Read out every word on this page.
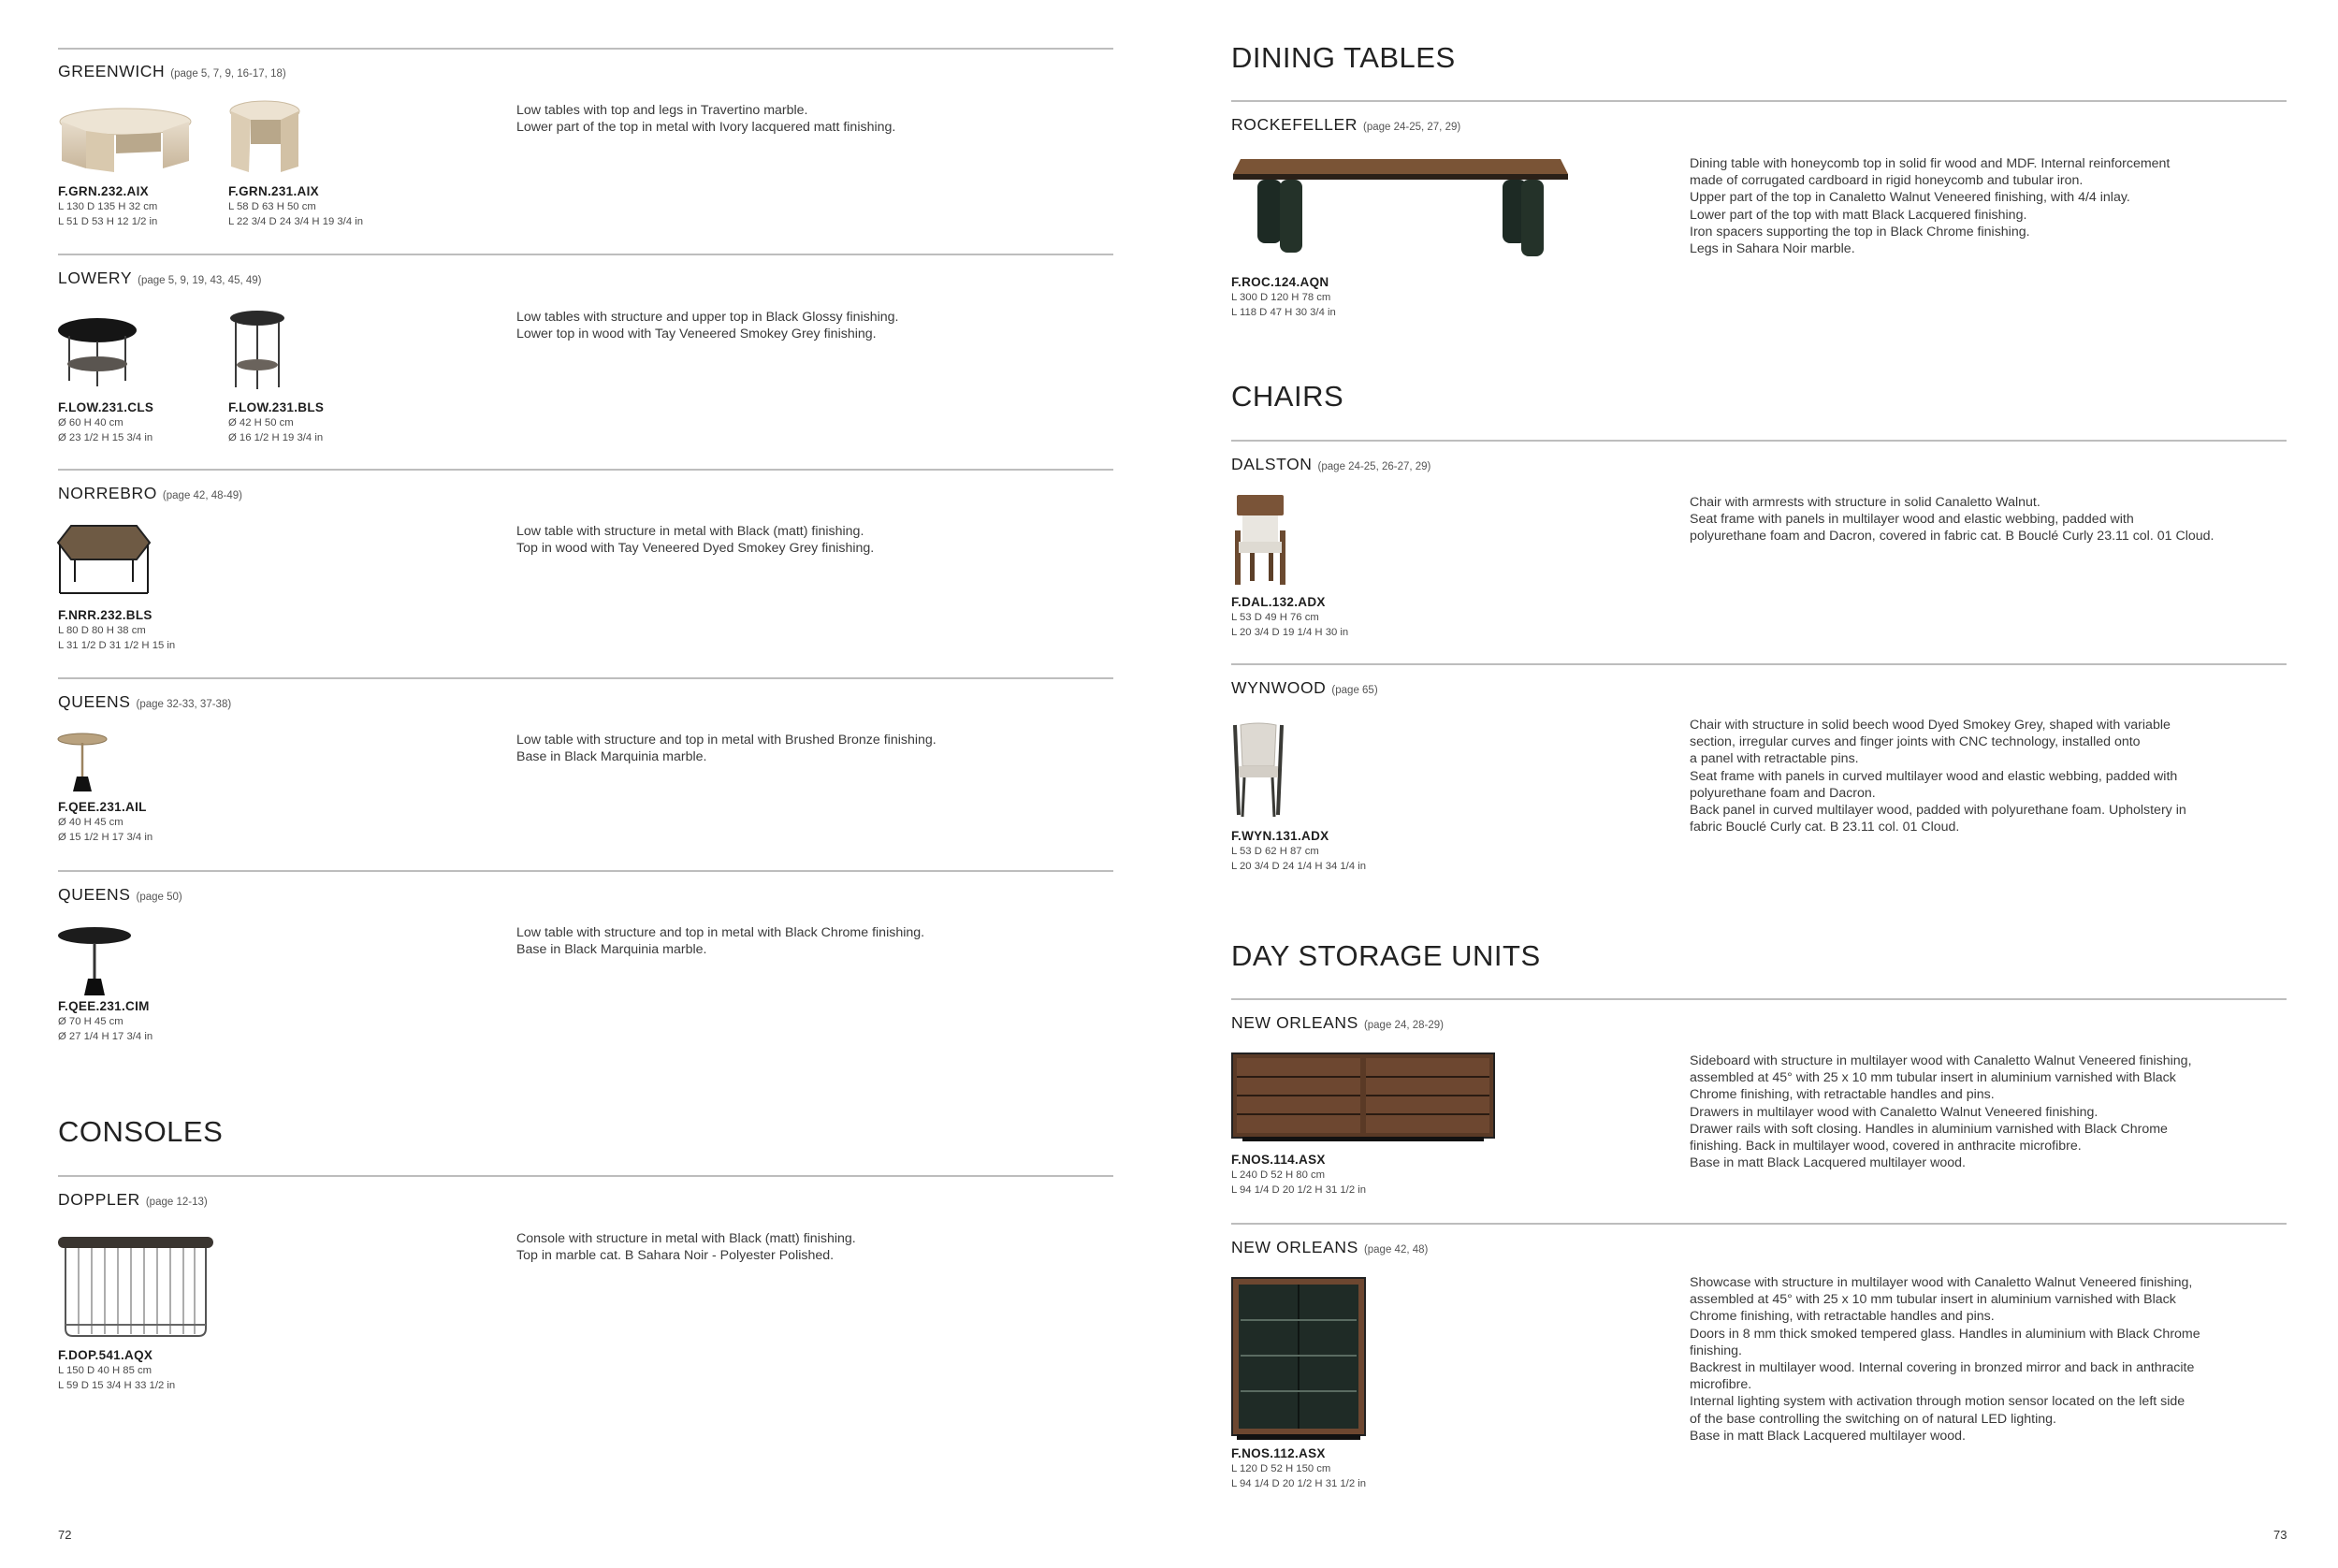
GREENWICH (page 5, 7, 9, 16-17, 18)
F.GRN.232.AIX
L 130 D 135 H 32 cm
L 51 D 53 H 12 1/2 in
F.GRN.231.AIX
L 58 D 63 H 50 cm
L 22 3/4 D 24 3/4 H 19 3/4 in
Low tables with top and legs in Travertino marble.
Lower part of the top in metal with Ivory lacquered matt finishing.
LOWERY (page 5, 9, 19, 43, 45, 49)
F.LOW.231.CLS
Ø 60 H 40 cm
Ø 23 1/2 H 15 3/4 in
F.LOW.231.BLS
Ø 42 H 50 cm
Ø 16 1/2 H 19 3/4 in
Low tables with structure and upper top in Black Glossy finishing.
Lower top in wood with Tay Veneered Smokey Grey finishing.
NORREBRO (page 42, 48-49)
F.NRR.232.BLS
L 80 D 80 H 38 cm
L 31 1/2 D 31 1/2 H 15 in
Low table with structure in metal with Black (matt) finishing.
Top in wood with Tay Veneered Dyed Smokey Grey finishing.
QUEENS (page 32-33, 37-38)
F.QEE.231.AIL
Ø 40 H 45 cm
Ø 15 1/2 H 17 3/4 in
Low table with structure and top in metal with Brushed Bronze finishing.
Base in Black Marquinia marble.
QUEENS (page 50)
F.QEE.231.CIM
Ø 70 H 45 cm
Ø 27 1/4 H 17 3/4 in
Low table with structure and top in metal with Black Chrome finishing.
Base in Black Marquinia marble.
CONSOLES
DOPPLER (page 12-13)
F.DOP.541.AQX
L 150 D 40 H 85 cm
L 59 D 15 3/4 H 33 1/2 in
Console with structure in metal with Black (matt) finishing.
Top in marble cat. B Sahara Noir - Polyester Polished.
72
DINING TABLES
ROCKEFELLER (page 24-25, 27, 29)
F.ROC.124.AQN
L 300 D 120 H 78 cm
L 118 D 47 H 30 3/4 in
Dining table with honeycomb top in solid fir wood and MDF. Internal reinforcement
made of corrugated cardboard in rigid honeycomb and tubular iron.
Upper part of the top in Canaletto Walnut Veneered finishing, with 4/4 inlay.
Lower part of the top with matt Black Lacquered finishing.
Iron spacers supporting the top in Black Chrome finishing.
Legs in Sahara Noir marble.
CHAIRS
DALSTON (page 24-25, 26-27, 29)
F.DAL.132.ADX
L 53 D 49 H 76 cm
L 20 3/4 D 19 1/4 H 30 in
Chair with armrests with structure in solid Canaletto Walnut.
Seat frame with panels in multilayer wood and elastic webbing, padded with
polyurethane foam and Dacron, covered in fabric cat. B Bouclé Curly 23.11 col. 01 Cloud.
WYNWOOD (page 65)
F.WYN.131.ADX
L 53 D 62 H 87 cm
L 20 3/4 D 24 1/4 H 34 1/4 in
Chair with structure in solid beech wood Dyed Smokey Grey, shaped with variable
section, irregular curves and finger joints with CNC technology, installed onto
a panel with retractable pins.
Seat frame with panels in curved multilayer wood and elastic webbing, padded with
polyurethane foam and Dacron.
Back panel in curved multilayer wood, padded with polyurethane foam. Upholstery in
fabric Bouclé Curly cat. B 23.11 col. 01 Cloud.
DAY STORAGE UNITS
NEW ORLEANS (page 24, 28-29)
F.NOS.114.ASX
L 240 D 52 H 80 cm
L 94 1/4 D 20 1/2 H 31 1/2 in
Sideboard with structure in multilayer wood with Canaletto Walnut Veneered finishing,
assembled at 45° with 25 x 10 mm tubular insert in aluminium varnished with Black
Chrome finishing, with retractable handles and pins.
Drawers in multilayer wood with Canaletto Walnut Veneered finishing.
Drawer rails with soft closing. Handles in aluminium varnished with Black Chrome
finishing. Back in multilayer wood, covered in anthracite microfibre.
Base in matt Black Lacquered multilayer wood.
NEW ORLEANS (page 42, 48)
F.NOS.112.ASX
L 120 D 52 H 150 cm
L 94 1/4 D 20 1/2 H 31 1/2 in
Showcase with structure in multilayer wood with Canaletto Walnut Veneered finishing,
assembled at 45° with 25 x 10 mm tubular insert in aluminium varnished with Black
Chrome finishing, with retractable handles and pins.
Doors in 8 mm thick smoked tempered glass. Handles in aluminium with Black Chrome
finishing.
Backrest in multilayer wood. Internal covering in bronzed mirror and back in anthracite
microfibre.
Internal lighting system with activation through motion sensor located on the left side
of the base controlling the switching on of natural LED lighting.
Base in matt Black Lacquered multilayer wood.
73
